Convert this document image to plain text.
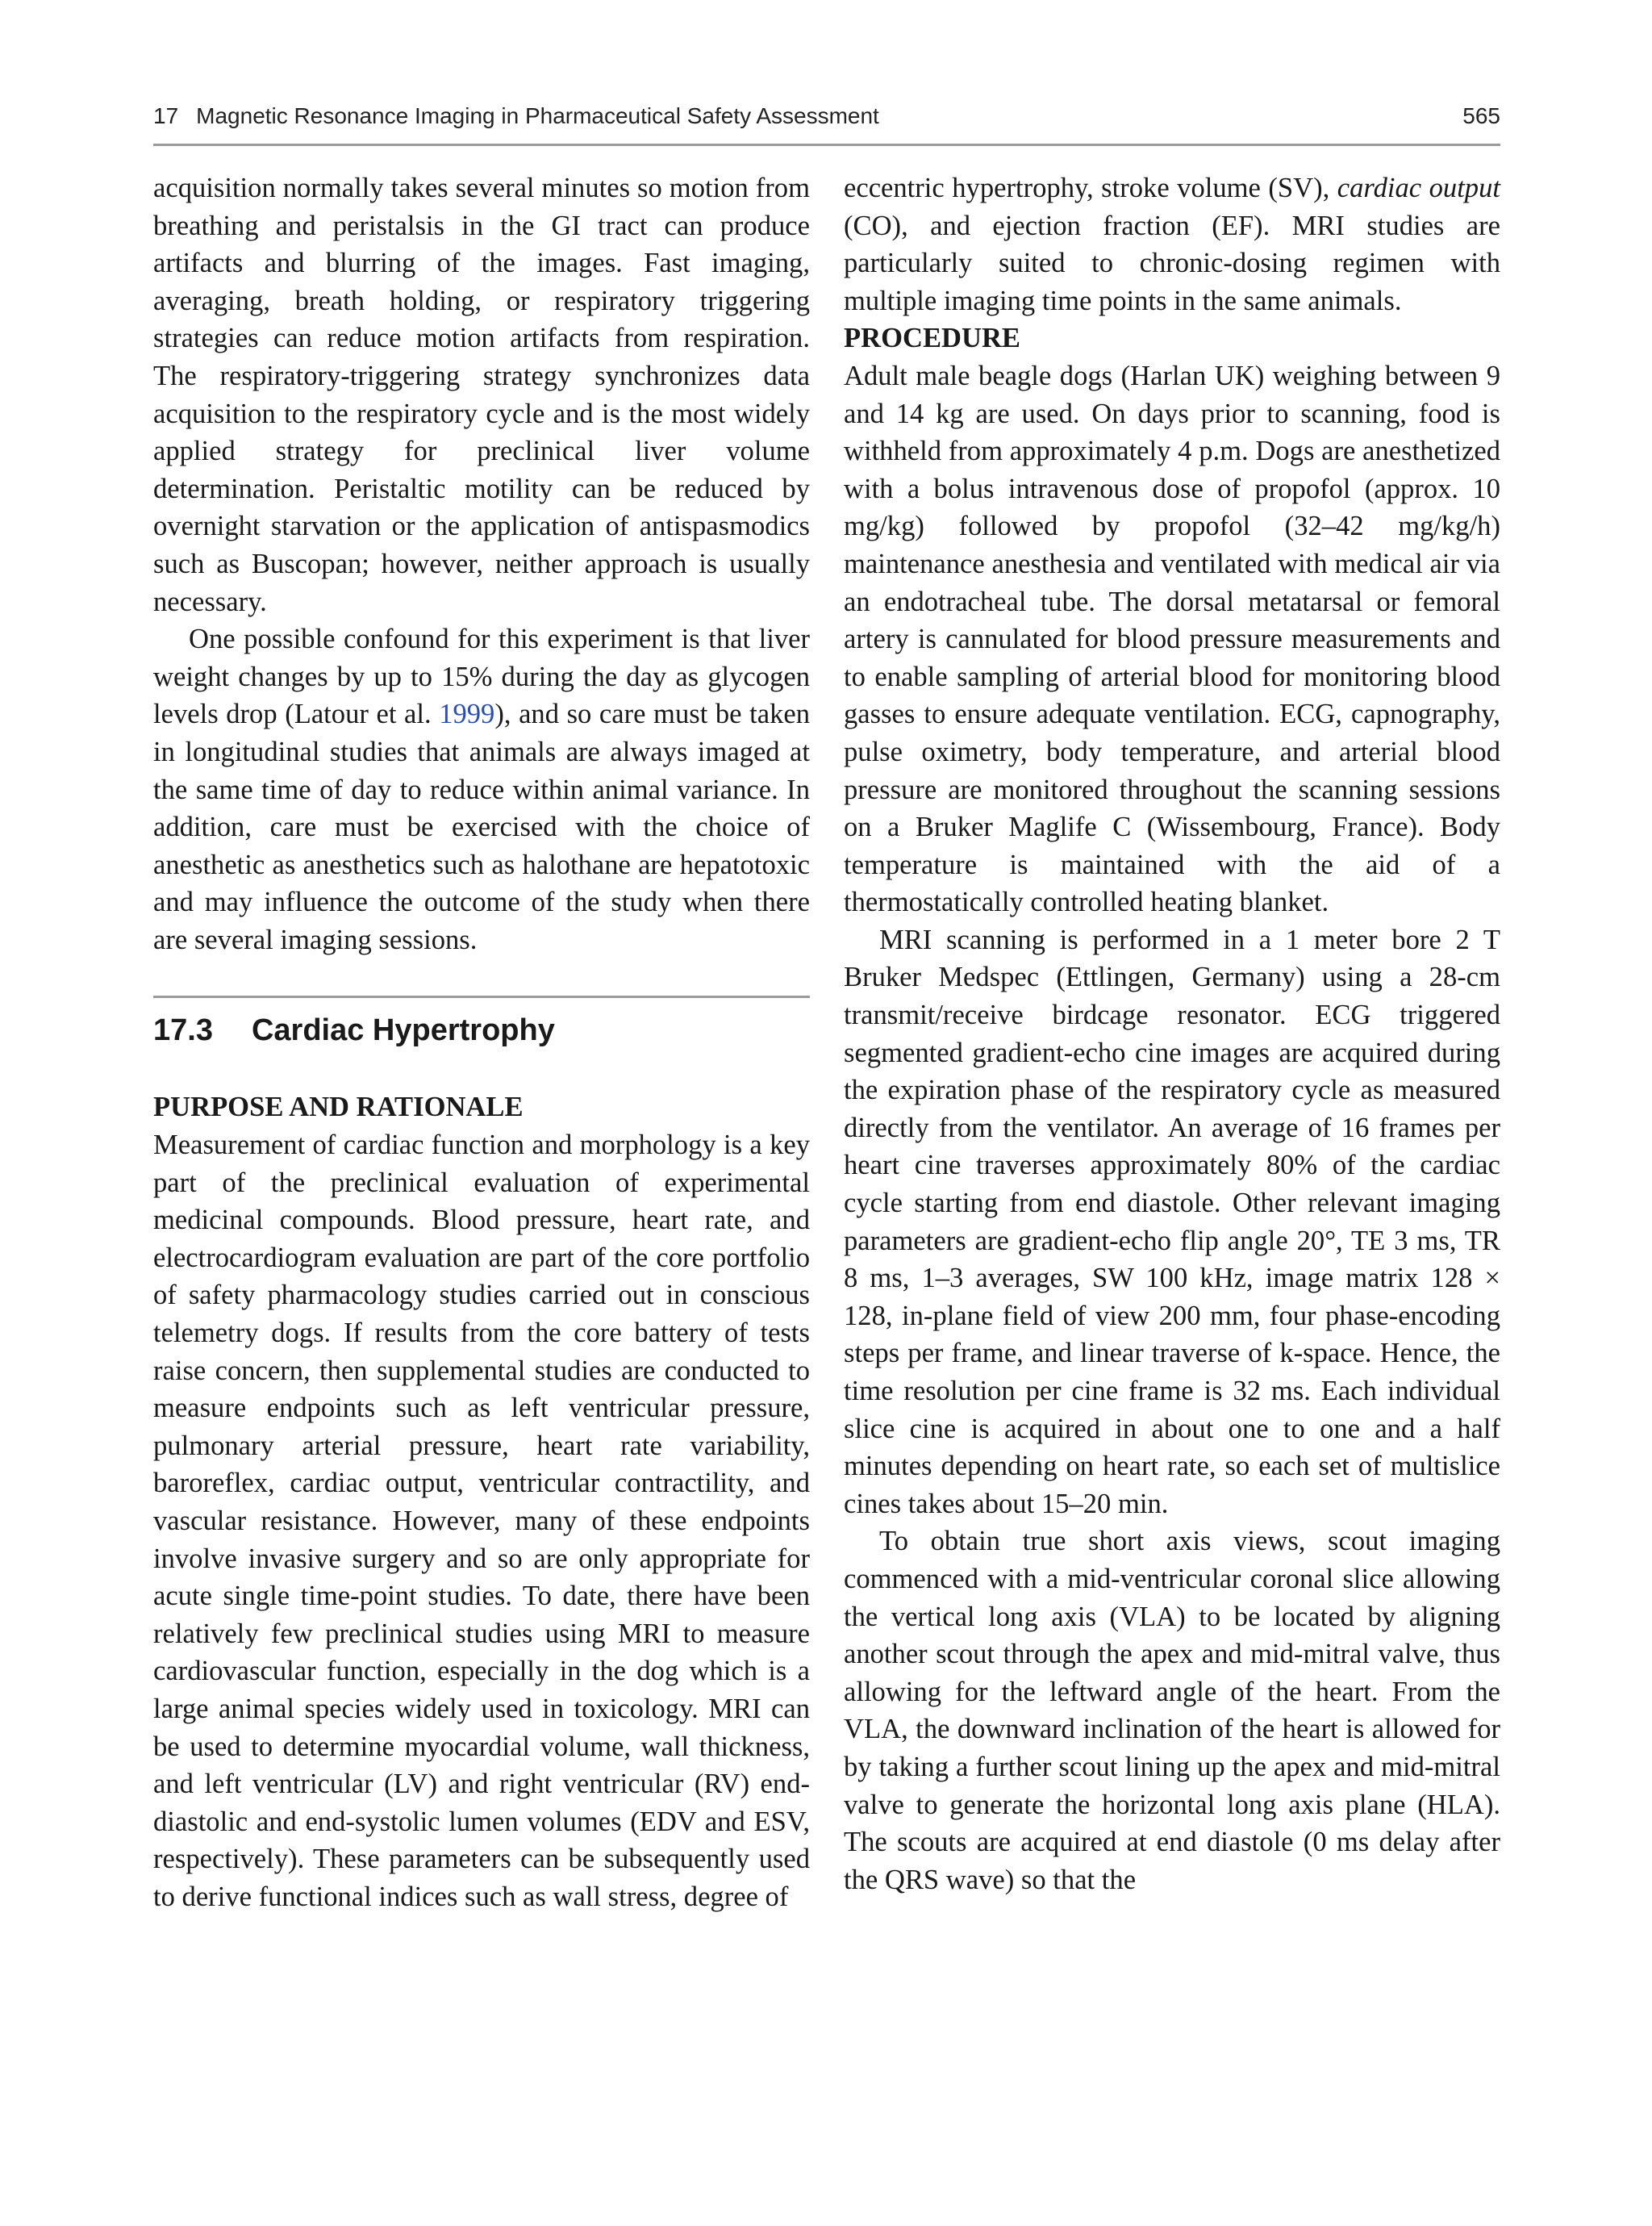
17 Magnetic Resonance Imaging in Pharmaceutical Safety Assessment	565

acquisition normally takes several minutes so motion from breathing and peristalsis in the GI tract can produce artifacts and blurring of the images. Fast imaging, averaging, breath holding, or respiratory triggering strategies can reduce motion artifacts from respiration. The respiratory-triggering strategy synchronizes data acquisition to the respiratory cycle and is the most widely applied strategy for preclinical liver volume determination. Peristaltic motility can be reduced by overnight starvation or the application of antispasmodics such as Buscopan; however, neither approach is usually necessary.

One possible confound for this experiment is that liver weight changes by up to 15% during the day as glycogen levels drop (Latour et al. 1999), and so care must be taken in longitudinal studies that animals are always imaged at the same time of day to reduce within animal variance. In addition, care must be exercised with the choice of anesthetic as anesthetics such as halothane are hepatotoxic and may influence the outcome of the study when there are several imaging sessions.

17.3 Cardiac Hypertrophy

PURPOSE AND RATIONALE

Measurement of cardiac function and morphology is a key part of the preclinical evaluation of experimental medicinal compounds. Blood pressure, heart rate, and electrocardiogram evaluation are part of the core portfolio of safety pharmacology studies carried out in conscious telemetry dogs. If results from the core battery of tests raise concern, then supplemental studies are conducted to measure endpoints such as left ventricular pressure, pulmonary arterial pressure, heart rate variability, baroreflex, cardiac output, ventricular contractility, and vascular resistance. However, many of these endpoints involve invasive surgery and so are only appropriate for acute single time-point studies. To date, there have been relatively few preclinical studies using MRI to measure cardiovascular function, especially in the dog which is a large animal species widely used in toxicology. MRI can be used to determine myocardial volume, wall thickness, and left ventricular (LV) and right ventricular (RV) end-diastolic and end-systolic lumen volumes (EDV and ESV, respectively). These parameters can be subsequently used to derive functional indices such as wall stress, degree of

eccentric hypertrophy, stroke volume (SV), cardiac output (CO), and ejection fraction (EF). MRI studies are particularly suited to chronic-dosing regimen with multiple imaging time points in the same animals.

PROCEDURE

Adult male beagle dogs (Harlan UK) weighing between 9 and 14 kg are used. On days prior to scanning, food is withheld from approximately 4 p.m. Dogs are anesthetized with a bolus intravenous dose of propofol (approx. 10 mg/kg) followed by propofol (32–42 mg/kg/h) maintenance anesthesia and ventilated with medical air via an endotracheal tube. The dorsal metatarsal or femoral artery is cannulated for blood pressure measurements and to enable sampling of arterial blood for monitoring blood gasses to ensure adequate ventilation. ECG, capnography, pulse oximetry, body temperature, and arterial blood pressure are monitored throughout the scanning sessions on a Bruker Maglife C (Wissembourg, France). Body temperature is maintained with the aid of a thermostatically controlled heating blanket.

MRI scanning is performed in a 1 meter bore 2 T Bruker Medspec (Ettlingen, Germany) using a 28-cm transmit/receive birdcage resonator. ECG triggered segmented gradient-echo cine images are acquired during the expiration phase of the respiratory cycle as measured directly from the ventilator. An average of 16 frames per heart cine traverses approximately 80% of the cardiac cycle starting from end diastole. Other relevant imaging parameters are gradient-echo flip angle 20°, TE 3 ms, TR 8 ms, 1–3 averages, SW 100 kHz, image matrix 128 × 128, in-plane field of view 200 mm, four phase-encoding steps per frame, and linear traverse of k-space. Hence, the time resolution per cine frame is 32 ms. Each individual slice cine is acquired in about one to one and a half minutes depending on heart rate, so each set of multislice cines takes about 15–20 min.

To obtain true short axis views, scout imaging commenced with a mid-ventricular coronal slice allowing the vertical long axis (VLA) to be located by aligning another scout through the apex and mid-mitral valve, thus allowing for the leftward angle of the heart. From the VLA, the downward inclination of the heart is allowed for by taking a further scout lining up the apex and mid-mitral valve to generate the horizontal long axis plane (HLA). The scouts are acquired at end diastole (0 ms delay after the QRS wave) so that the
